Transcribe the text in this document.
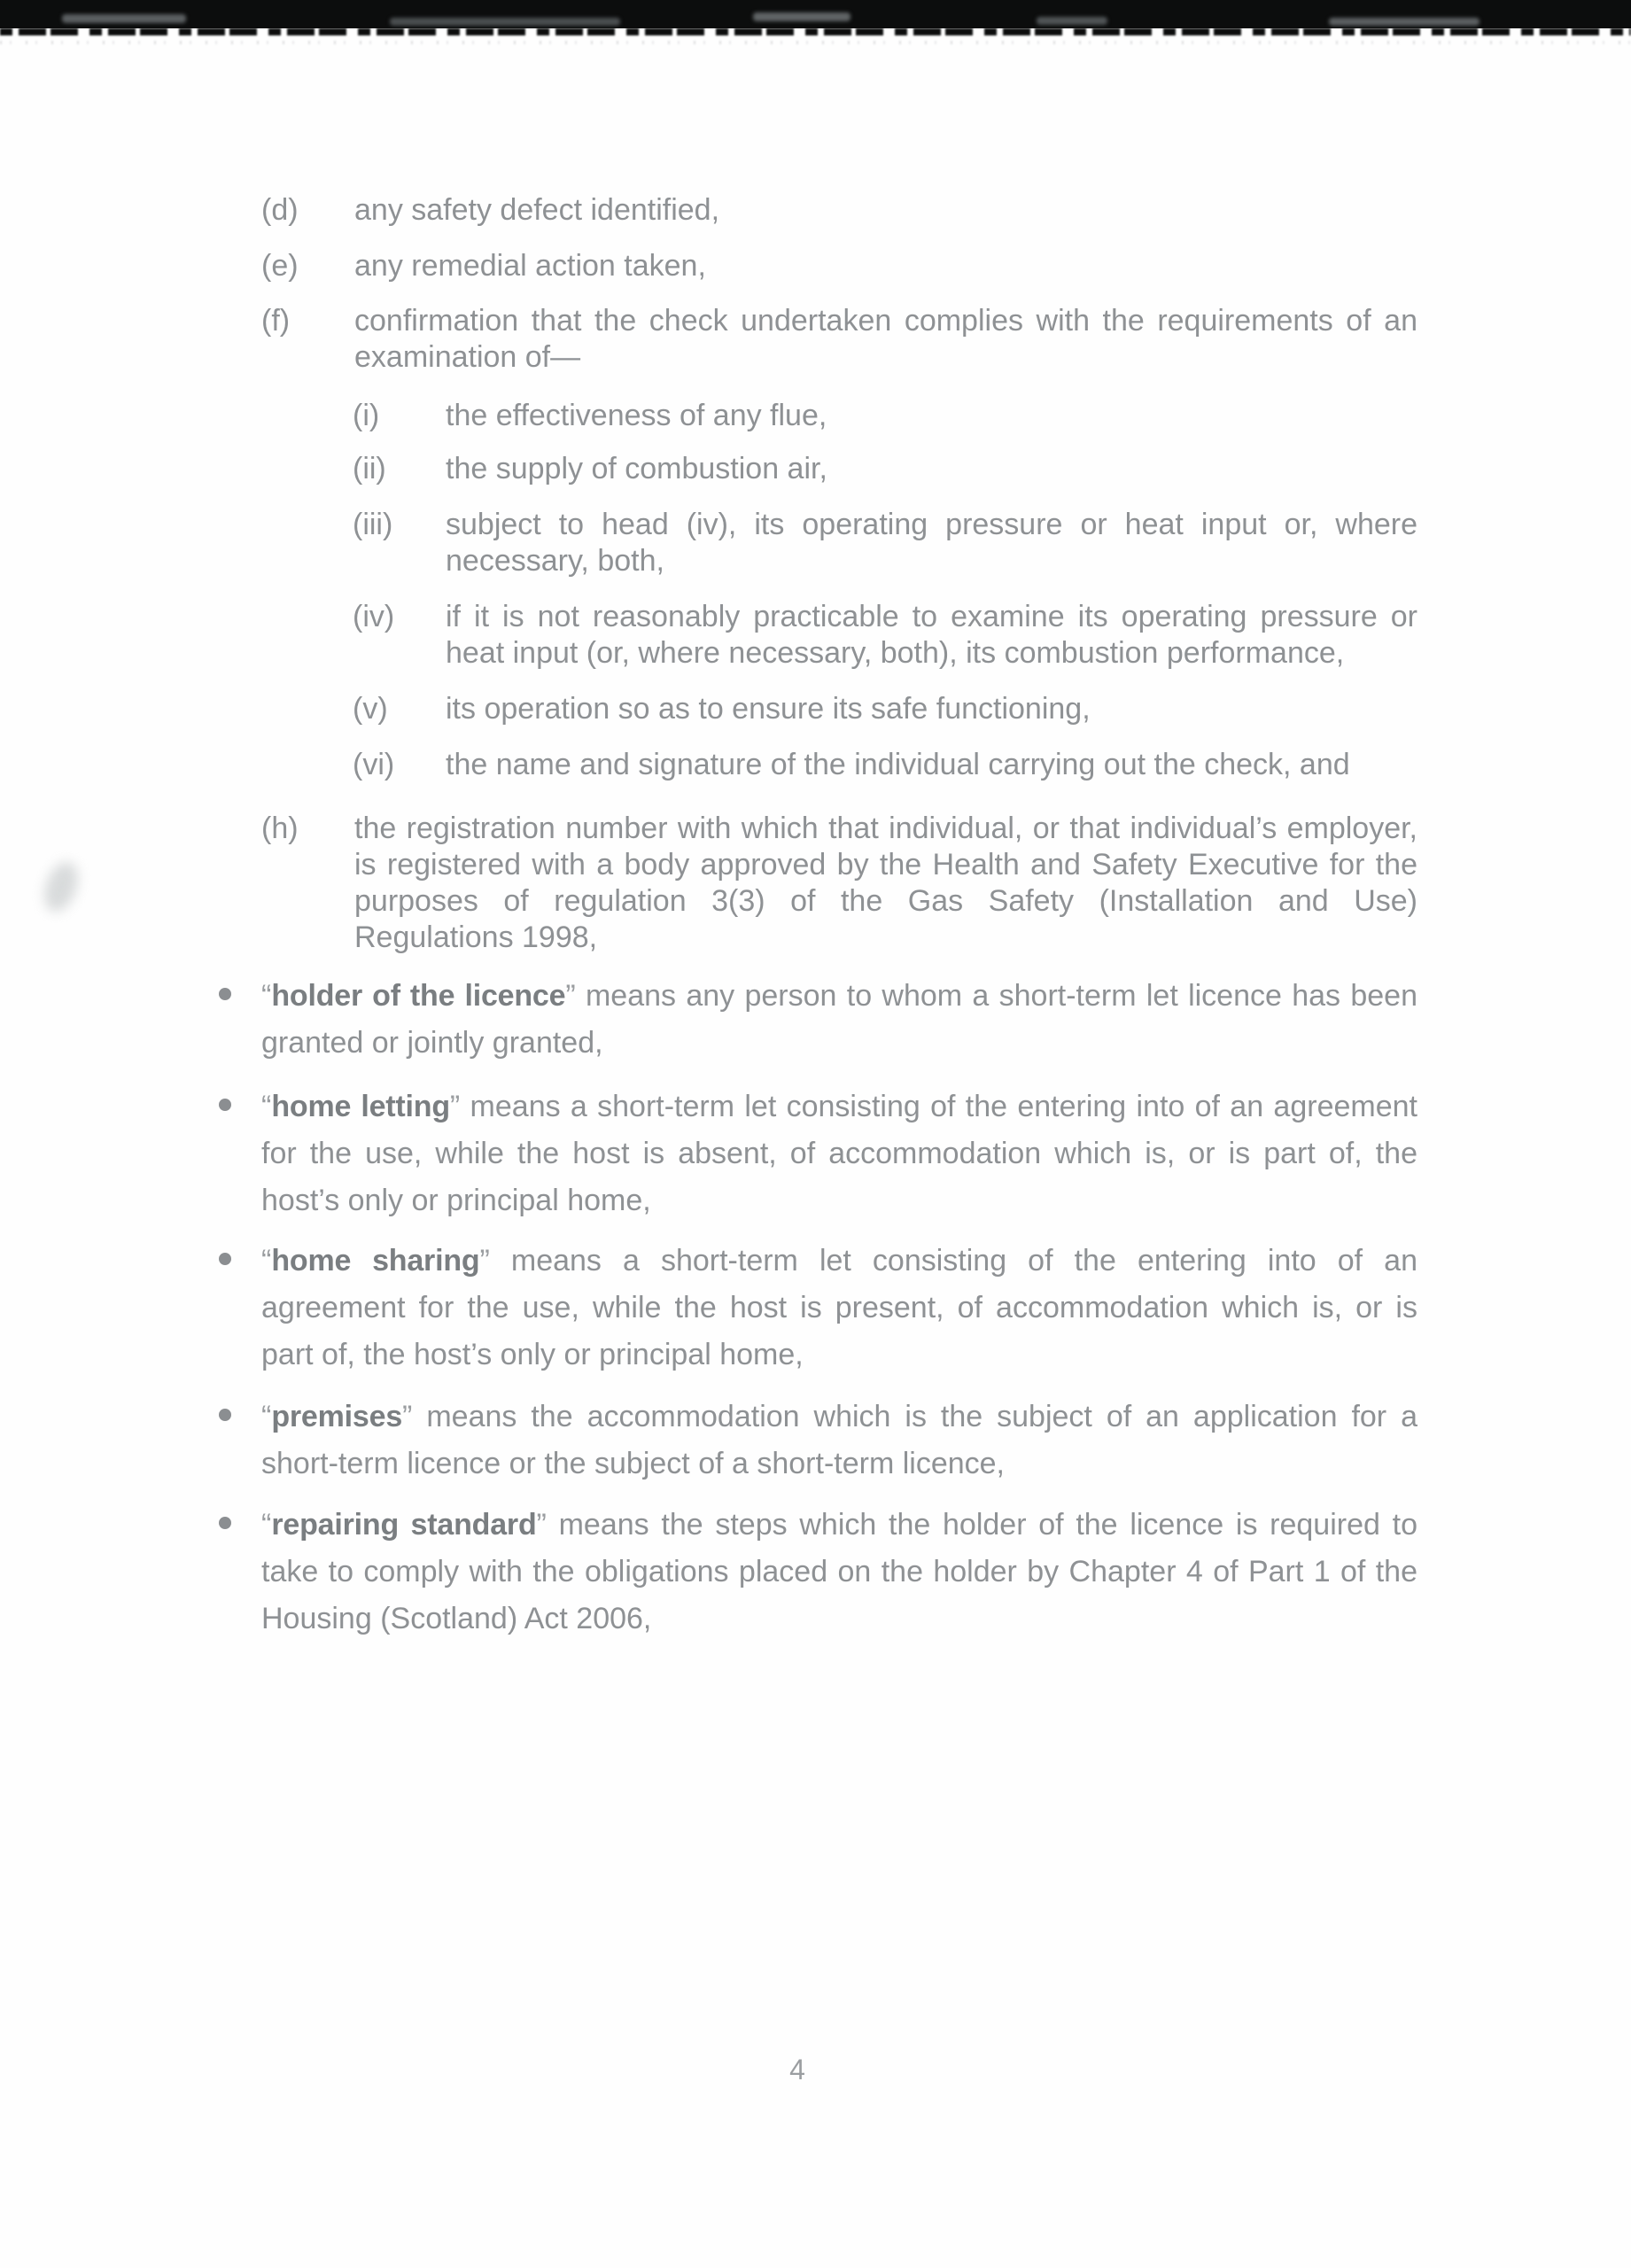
(d) any safety defect identified,
(e) any remedial action taken,
(f) confirmation that the check undertaken complies with the requirements of an
examination of—
(i) the effectiveness of any flue,
(ii) the supply of combustion air,
(iii) subject to head (iv), its operating pressure or heat input or, where
necessary, both,
(iv) if it is not reasonably practicable to examine its operating pressure or
heat input (or, where necessary, both), its combustion performance,
(v) its operation so as to ensure its safe functioning,
(vi) the name and signature of the individual carrying out the check, and
(h) the registration number with which that individual, or that individual’s employer,
is registered with a body approved by the Health and Safety Executive for the
purposes of regulation 3(3) of the Gas Safety (Installation and Use)
Regulations 1998,
“holder of the licence” means any person to whom a short-term let licence has been
granted or jointly granted,
“home letting” means a short-term let consisting of the entering into of an agreement
for the use, while the host is absent, of accommodation which is, or is part of, the
host’s only or principal home,
“home sharing” means a short-term let consisting of the entering into of an
agreement for the use, while the host is present, of accommodation which is, or is
part of, the host’s only or principal home,
“premises” means the accommodation which is the subject of an application for a
short-term licence or the subject of a short-term licence,
“repairing standard” means the steps which the holder of the licence is required to
take to comply with the obligations placed on the holder by Chapter 4 of Part 1 of the
Housing (Scotland) Act 2006,
4
